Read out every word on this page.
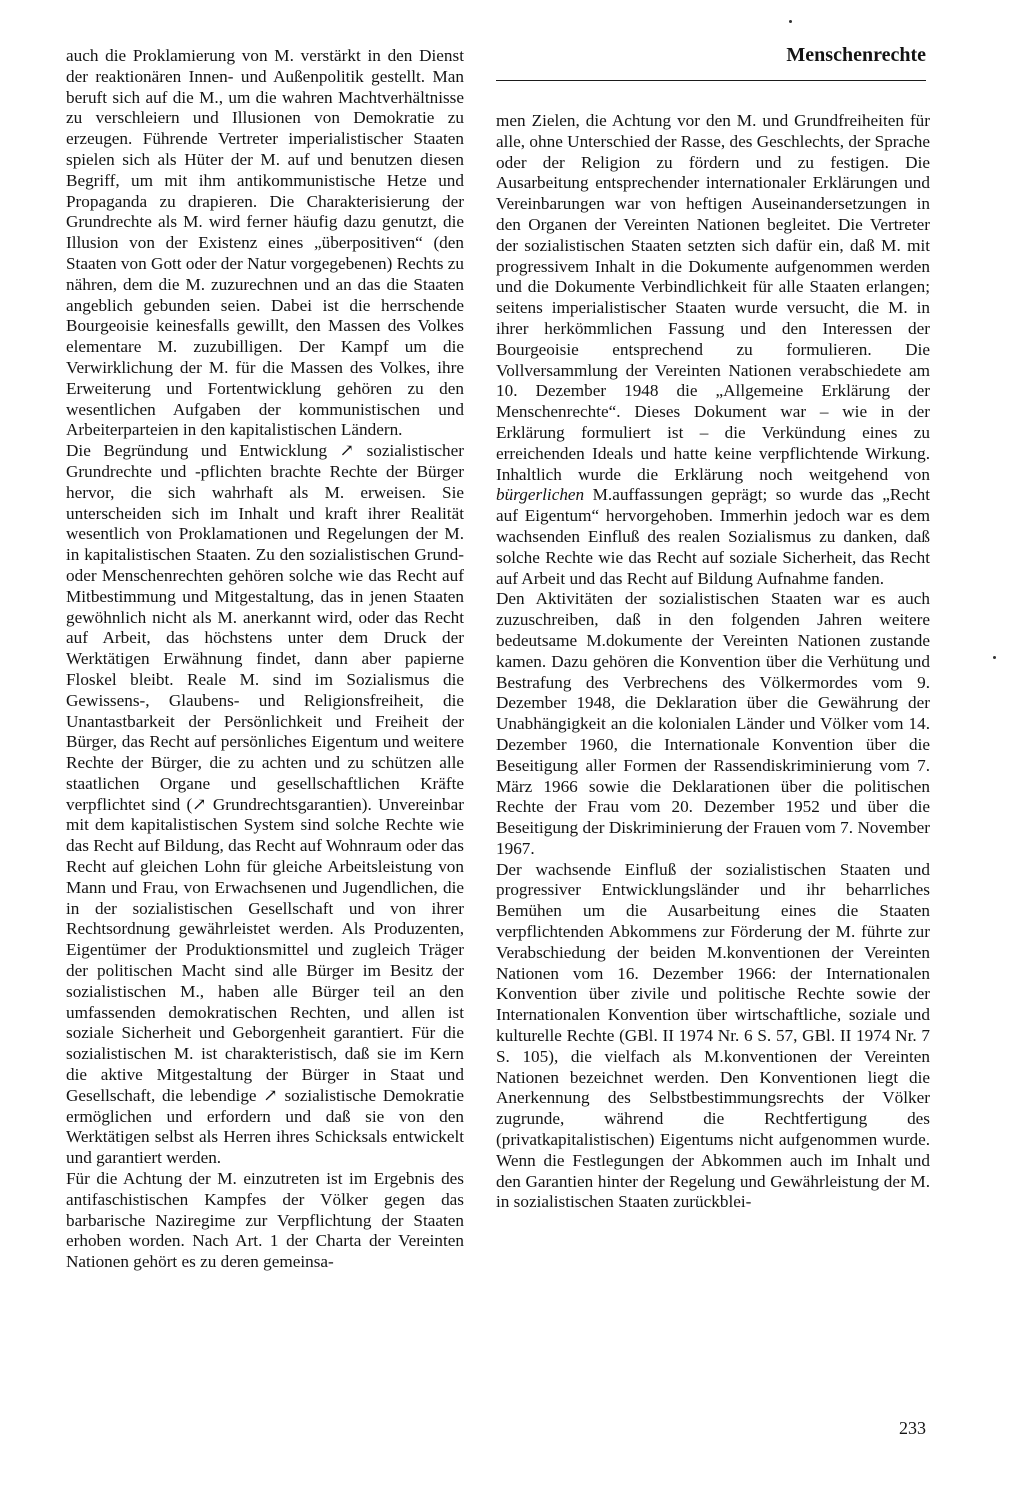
Menschenrechte

auch die Proklamierung von M. verstärkt in den Dienst der reaktionären Innen- und Außenpolitik gestellt. Man beruft sich auf die M., um die wahren Machtverhältnisse zu verschleiern und Illusionen von Demokratie zu erzeugen. Führende Vertreter imperialistischer Staaten spielen sich als Hüter der M. auf und benutzen diesen Begriff, um mit ihm antikommunistische Hetze und Propaganda zu drapieren. Die Charakterisierung der Grundrechte als M. wird ferner häufig dazu genutzt, die Illusion von der Existenz eines „überpositiven“ (den Staaten von Gott oder der Natur vorgegebenen) Rechts zu nähren, dem die M. zuzurechnen und an das die Staaten angeblich gebunden seien. Dabei ist die herrschende Bourgeoisie keinesfalls gewillt, den Massen des Volkes elementare M. zuzubilligen. Der Kampf um die Verwirklichung der M. für die Massen des Volkes, ihre Erweiterung und Fortentwicklung gehören zu den wesentlichen Aufgaben der kommunistischen und Arbeiterparteien in den kapitalistischen Ländern.

Die Begründung und Entwicklung ↗ sozialistischer Grundrechte und -pflichten brachte Rechte der Bürger hervor, die sich wahrhaft als M. erweisen. Sie unterscheiden sich im Inhalt und kraft ihrer Realität wesentlich von Proklamationen und Regelungen der M. in kapitalistischen Staaten. Zu den sozialistischen Grund- oder Menschenrechten gehören solche wie das Recht auf Mitbestimmung und Mitgestaltung, das in jenen Staaten gewöhnlich nicht als M. anerkannt wird, oder das Recht auf Arbeit, das höchstens unter dem Druck der Werktätigen Erwähnung findet, dann aber papierne Floskel bleibt. Reale M. sind im Sozialismus die Gewissens-, Glaubens- und Religionsfreiheit, die Unantastbarkeit der Persönlichkeit und Freiheit der Bürger, das Recht auf persönliches Eigentum und weitere Rechte der Bürger, die zu achten und zu schützen alle staatlichen Organe und gesellschaftlichen Kräfte verpflichtet sind (↗ Grundrechtsgarantien). Unvereinbar mit dem kapitalistischen System sind solche Rechte wie das Recht auf Bildung, das Recht auf Wohnraum oder das Recht auf gleichen Lohn für gleiche Arbeitsleistung von Mann und Frau, von Erwachsenen und Jugendlichen, die in der sozialistischen Gesellschaft und von ihrer Rechtsordnung gewährleistet werden. Als Produzenten, Eigentümer der Produktionsmittel und zugleich Träger der politischen Macht sind alle Bürger im Besitz der sozialistischen M., haben alle Bürger teil an den umfassenden demokratischen Rechten, und allen ist soziale Sicherheit und Geborgenheit garantiert. Für die sozialistischen M. ist charakteristisch, daß sie im Kern die aktive Mitgestaltung der Bürger in Staat und Gesellschaft, die lebendige ↗ sozialistische Demokratie ermöglichen und erfordern und daß sie von den Werktätigen selbst als Herren ihres Schicksals entwickelt und garantiert werden.

Für die Achtung der M. einzutreten ist im Ergebnis des antifaschistischen Kampfes der Völker gegen das barbarische Naziregime zur Verpflichtung der Staaten erhoben worden. Nach Art. 1 der Charta der Vereinten Nationen gehört es zu deren gemeinsa-

men Zielen, die Achtung vor den M. und Grundfreiheiten für alle, ohne Unterschied der Rasse, des Geschlechts, der Sprache oder der Religion zu fördern und zu festigen. Die Ausarbeitung entsprechender internationaler Erklärungen und Vereinbarungen war von heftigen Auseinandersetzungen in den Organen der Vereinten Nationen begleitet. Die Vertreter der sozialistischen Staaten setzten sich dafür ein, daß M. mit progressivem Inhalt in die Dokumente aufgenommen werden und die Dokumente Verbindlichkeit für alle Staaten erlangen; seitens imperialistischer Staaten wurde versucht, die M. in ihrer herkömmlichen Fassung und den Interessen der Bourgeoisie entsprechend zu formulieren. Die Vollversammlung der Vereinten Nationen verabschiedete am 10. Dezember 1948 die „Allgemeine Erklärung der Menschenrechte“. Dieses Dokument war – wie in der Erklärung formuliert ist – die Verkündung eines zu erreichenden Ideals und hatte keine verpflichtende Wirkung. Inhaltlich wurde die Erklärung noch weitgehend von bürgerlichen M.auffassungen geprägt; so wurde das „Recht auf Eigentum“ hervorgehoben. Immerhin jedoch war es dem wachsenden Einfluß des realen Sozialismus zu danken, daß solche Rechte wie das Recht auf soziale Sicherheit, das Recht auf Arbeit und das Recht auf Bildung Aufnahme fanden.

Den Aktivitäten der sozialistischen Staaten war es auch zuzuschreiben, daß in den folgenden Jahren weitere bedeutsame M.dokumente der Vereinten Nationen zustande kamen. Dazu gehören die Konvention über die Verhütung und Bestrafung des Verbrechens des Völkermordes vom 9. Dezember 1948, die Deklaration über die Gewährung der Unabhängigkeit an die kolonialen Länder und Völker vom 14. Dezember 1960, die Internationale Konvention über die Beseitigung aller Formen der Rassendiskriminierung vom 7. März 1966 sowie die Deklarationen über die politischen Rechte der Frau vom 20. Dezember 1952 und über die Beseitigung der Diskriminierung der Frauen vom 7. November 1967.

Der wachsende Einfluß der sozialistischen Staaten und progressiver Entwicklungsländer und ihr beharrliches Bemühen um die Ausarbeitung eines die Staaten verpflichtenden Abkommens zur Förderung der M. führte zur Verabschiedung der beiden M.konventionen der Vereinten Nationen vom 16. Dezember 1966: der Internationalen Konvention über zivile und politische Rechte sowie der Internationalen Konvention über wirtschaftliche, soziale und kulturelle Rechte (GBl. II 1974 Nr. 6 S. 57, GBl. II 1974 Nr. 7 S. 105), die vielfach als M.konventionen der Vereinten Nationen bezeichnet werden. Den Konventionen liegt die Anerkennung des Selbstbestimmungsrechts der Völker zugrunde, während die Rechtfertigung des (privatkapitalistischen) Eigentums nicht aufgenommen wurde. Wenn die Festlegungen der Abkommen auch im Inhalt und den Garantien hinter der Regelung und Gewährleistung der M. in sozialistischen Staaten zurückblei-

233
